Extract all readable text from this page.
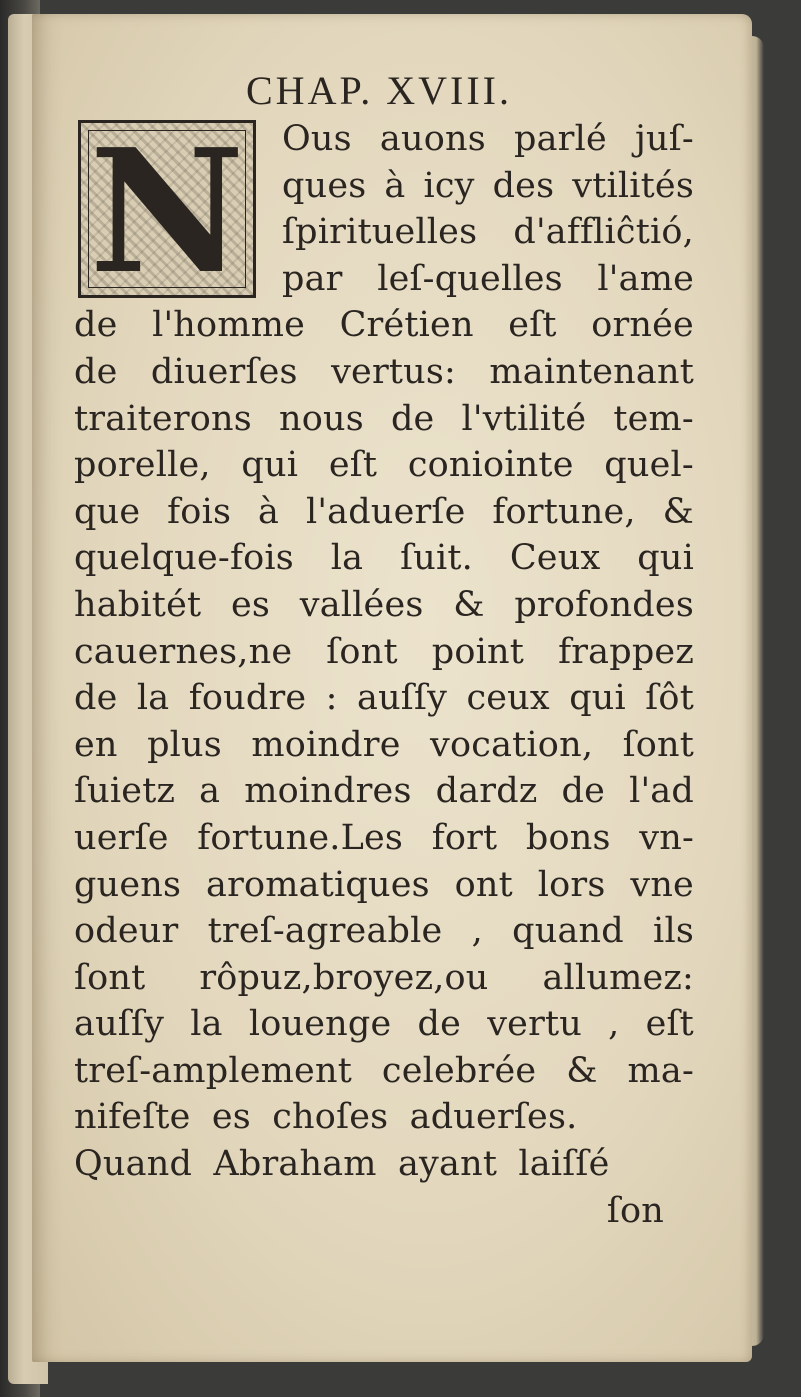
CHAP. XVIII.
N Ous auons parlé juſ-
ques à icy des vtilités
ſpirituelles d'affliĉtió,
par leſ-quelles l'ame
de l'homme Crétien eſt ornée
de diuerſes vertus: maintenant
traiterons nous de l'vtilité tem-
porelle, qui eſt conioi̇nte quel-
que fois à l'aduerſe fortune, &
quelque-fois la ſuit. Ceux qui
habitét es vallées & profondes
cauernes,ne ſont point frappez
de la foudre : auſſy ceux qui ſôt
en plus moindre vocation, ſont
ſuietz a moindres dardz de l'ad
uerſe fortune.Les fort bons vn-
guens aromatiques ont lors vne
odeur treſ-agreable , quand ils
ſont rôpuz,broyez,ou allumez:
auſſy la louenge de vertu , eſt
treſ-amplement celebrée & ma-
nifeſte es choſes aduerſes.
Quand Abraham ayant laiſſé
ſon
